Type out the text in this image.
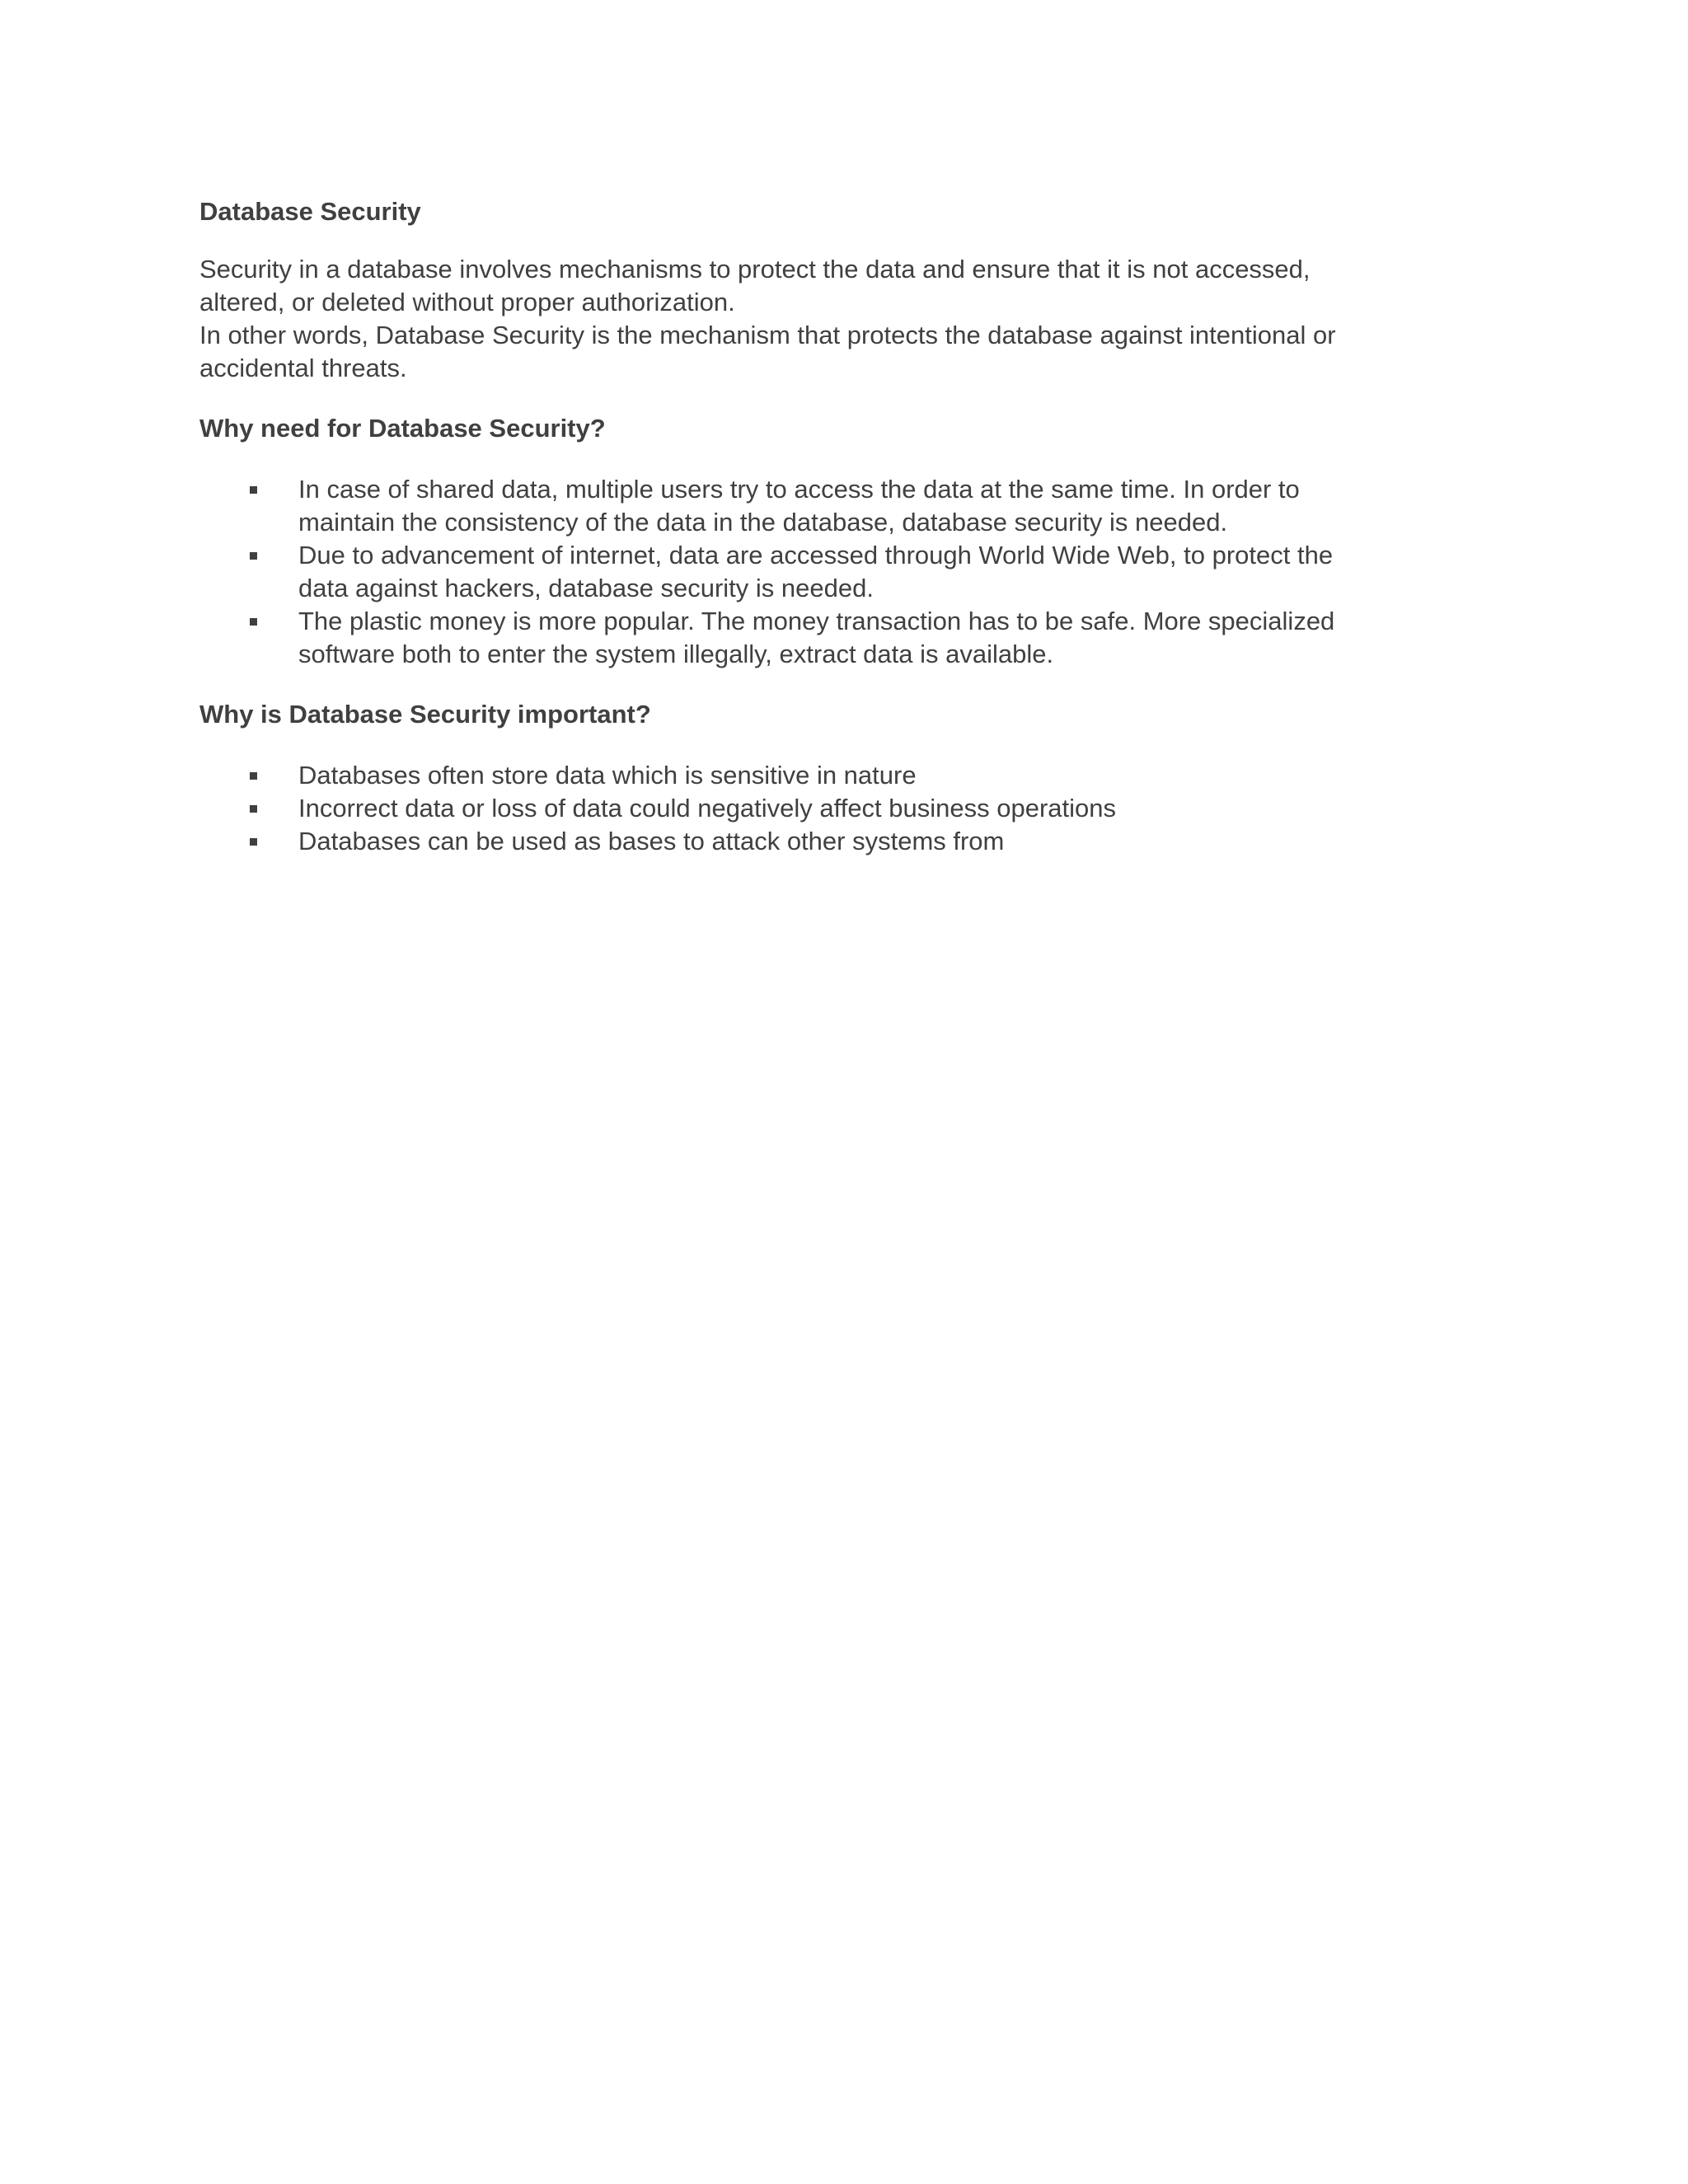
Database Security

Security in a database involves mechanisms to protect the data and ensure that it is not accessed, altered, or deleted without proper authorization.

In other words, Database Security is the mechanism that protects the database against intentional or accidental threats.

Why need for Database Security?
In case of shared data, multiple users try to access the data at the same time. In order to maintain the consistency of the data in the database, database security is needed.
Due to advancement of internet, data are accessed through World Wide Web, to protect the data against hackers, database security is needed.
The plastic money is more popular. The money transaction has to be safe. More specialized software both to enter the system illegally, extract data is available.
Why is Database Security important?
Databases often store data which is sensitive in nature
Incorrect data or loss of data could negatively affect business operations
Databases can be used as bases to attack other systems from
